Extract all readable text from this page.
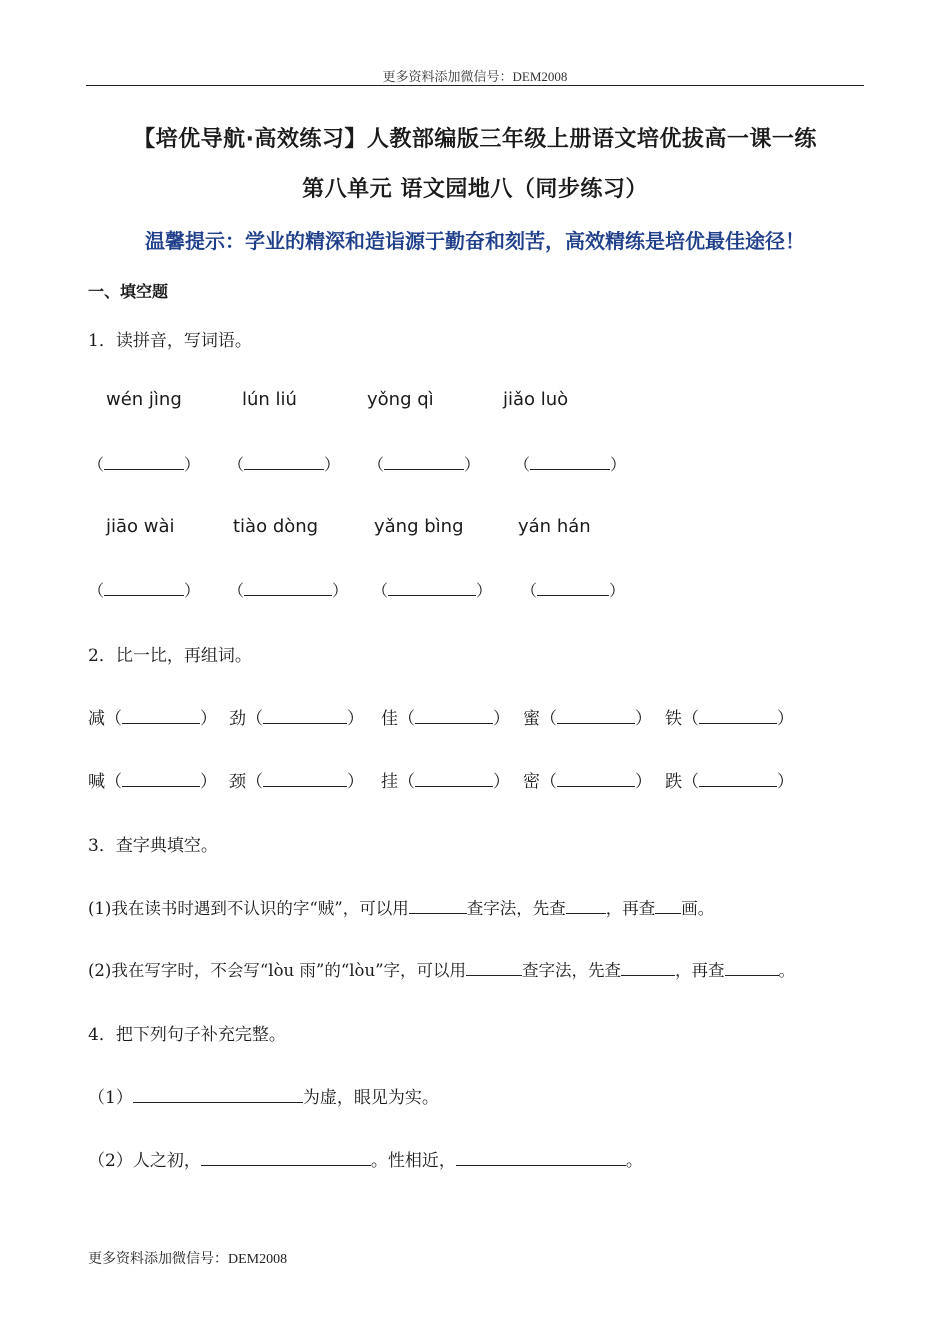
更多资料添加微信号：DEM2008
【培优导航·高效练习】人教部编版三年级上册语文培优拔高一课一练
第八单元 语文园地八（同步练习）
温馨提示：学业的精深和造诣源于勤奋和刻苦，高效精练是培优最佳途径！
一、填空题
1．读拼音，写词语。
wén jìng	lún liú	yǒng qì	jiǎo luò
（	） （	） （	） （	）
jiāo wài	tiào dòng	yǎng bìng	yán hán
（	） （	） （	） （	）
2．比一比，再组词。
减（	） 劲（	） 佳（	） 蜜（	） 铁（	）
喊（	） 颈（	） 挂（	） 密（	） 跌（	）
3．查字典填空。
(1)我在读书时遇到不认识的字“贼”，可以用	查字法，先查 ，再查 画。
(2)我在写字时，不会写“lòu 雨”的“lòu”字，可以用	查字法，先查	，再查	。
4．把下列句子补充完整。
（1）	为虚，眼见为实。
（2）人之初，	。性相近，	。
更多资料添加微信号：DEM2008
